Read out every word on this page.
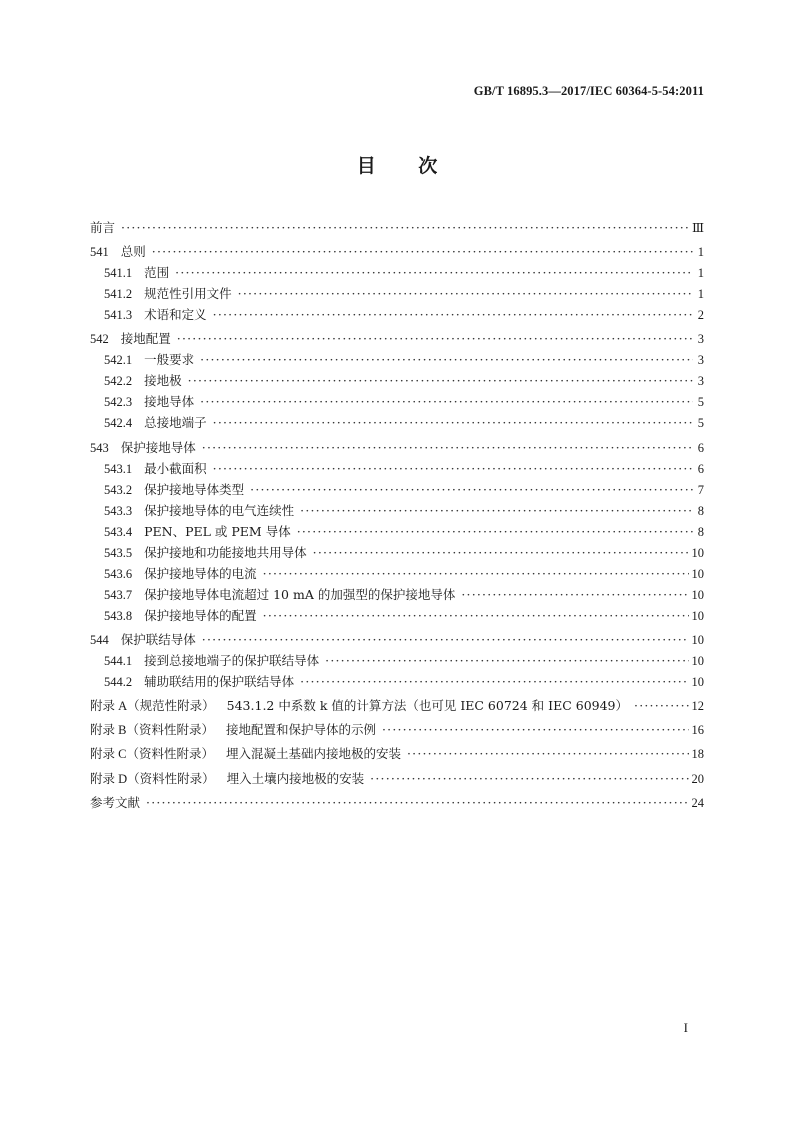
GB/T 16895.3—2017/IEC 60364-5-54:2011
目 次
前言 ·····	Ⅲ
541 总则 ·····	1
541.1 范围 ·····	1
541.2 规范性引用文件 ·····	1
541.3 术语和定义 ·····	2
542 接地配置 ·····	3
542.1 一般要求 ·····	3
542.2 接地极 ·····	3
542.3 接地导体 ·····	5
542.4 总接地端子 ·····	5
543 保护接地导体 ·····	6
543.1 最小截面积 ·····	6
543.2 保护接地导体类型 ·····	7
543.3 保护接地导体的电气连续性 ·····	8
543.4 PEN、PEL 或 PEM 导体 ·····	8
543.5 保护接地和功能接地共用导体 ·····	10
543.6 保护接地导体的电流 ·····	10
543.7 保护接地导体电流超过 10 mA 的加强型的保护接地导体 ·····	10
543.8 保护接地导体的配置 ·····	10
544 保护联结导体 ·····	10
544.1 接到总接地端子的保护联结导体 ·····	10
544.2 辅助联结用的保护联结导体 ·····	10
附录 A（规范性附录） 543.1.2 中系数 k 值的计算方法（也可见 IEC 60724 和 IEC 60949） ·····	12
附录 B（资料性附录） 接地配置和保护导体的示例 ·····	16
附录 C（资料性附录） 埋入混凝土基础内接地极的安装 ·····	18
附录 D（资料性附录） 埋入土壤内接地极的安装 ·····	20
参考文献 ·····	24
I
